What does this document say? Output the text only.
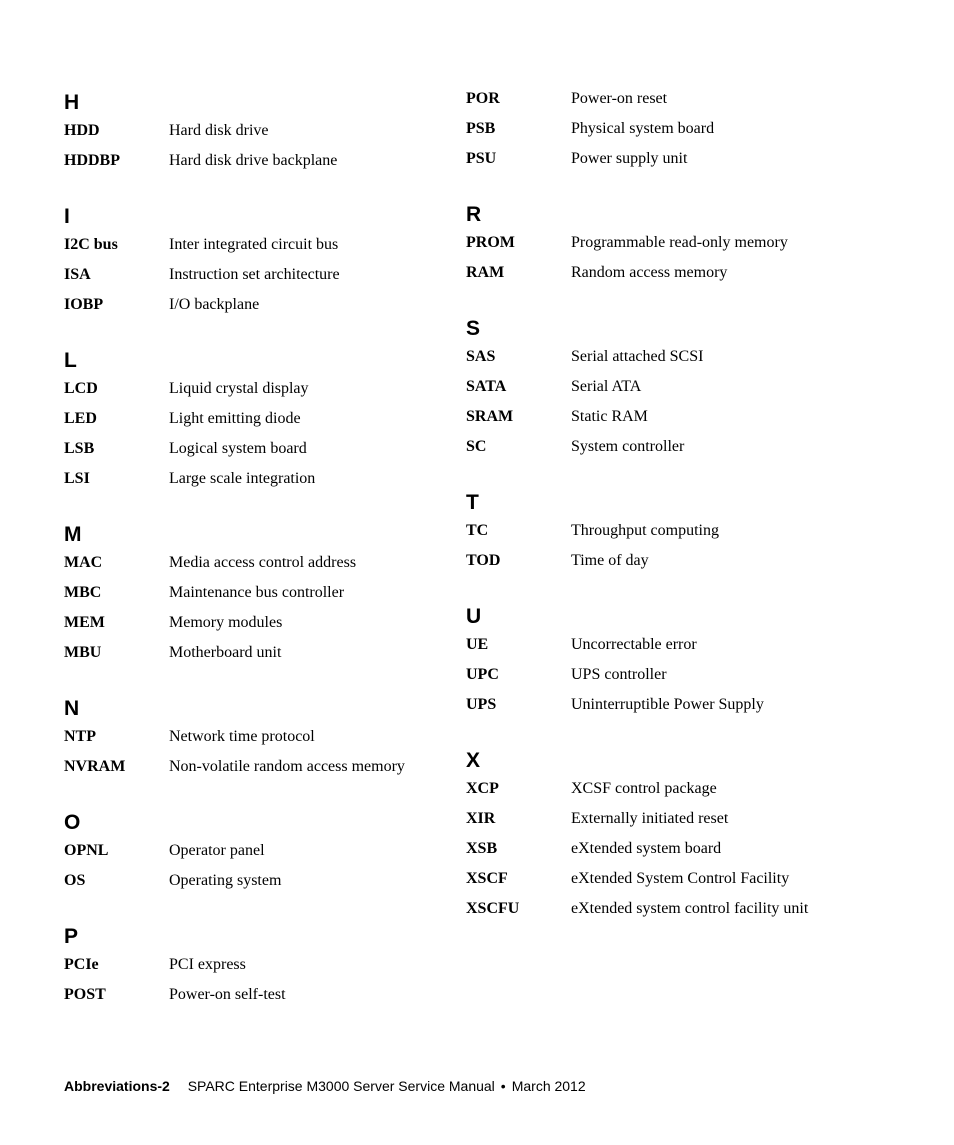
H
HDD	Hard disk drive
HDDBP	Hard disk drive backplane
I
I2C bus	Inter integrated circuit bus
ISA	Instruction set architecture
IOBP	I/O backplane
L
LCD	Liquid crystal display
LED	Light emitting diode
LSB	Logical system board
LSI	Large scale integration
M
MAC	Media access control address
MBC	Maintenance bus controller
MEM	Memory modules
MBU	Motherboard unit
N
NTP	Network time protocol
NVRAM	Non-volatile random access memory
O
OPNL	Operator panel
OS	Operating system
P
PCIe	PCI express
POST	Power-on self-test
POR	Power-on reset
PSB	Physical system board
PSU	Power supply unit
R
PROM	Programmable read-only memory
RAM	Random access memory
S
SAS	Serial attached SCSI
SATA	Serial ATA
SRAM	Static RAM
SC	System controller
T
TC	Throughput computing
TOD	Time of day
U
UE	Uncorrectable error
UPC	UPS controller
UPS	Uninterruptible Power Supply
X
XCP	XCSF control package
XIR	Externally initiated reset
XSB	eXtended system board
XSCF	eXtended System Control Facility
XSCFU	eXtended system control facility unit
Abbreviations-2 SPARC Enterprise M3000 Server Service Manual • March 2012
